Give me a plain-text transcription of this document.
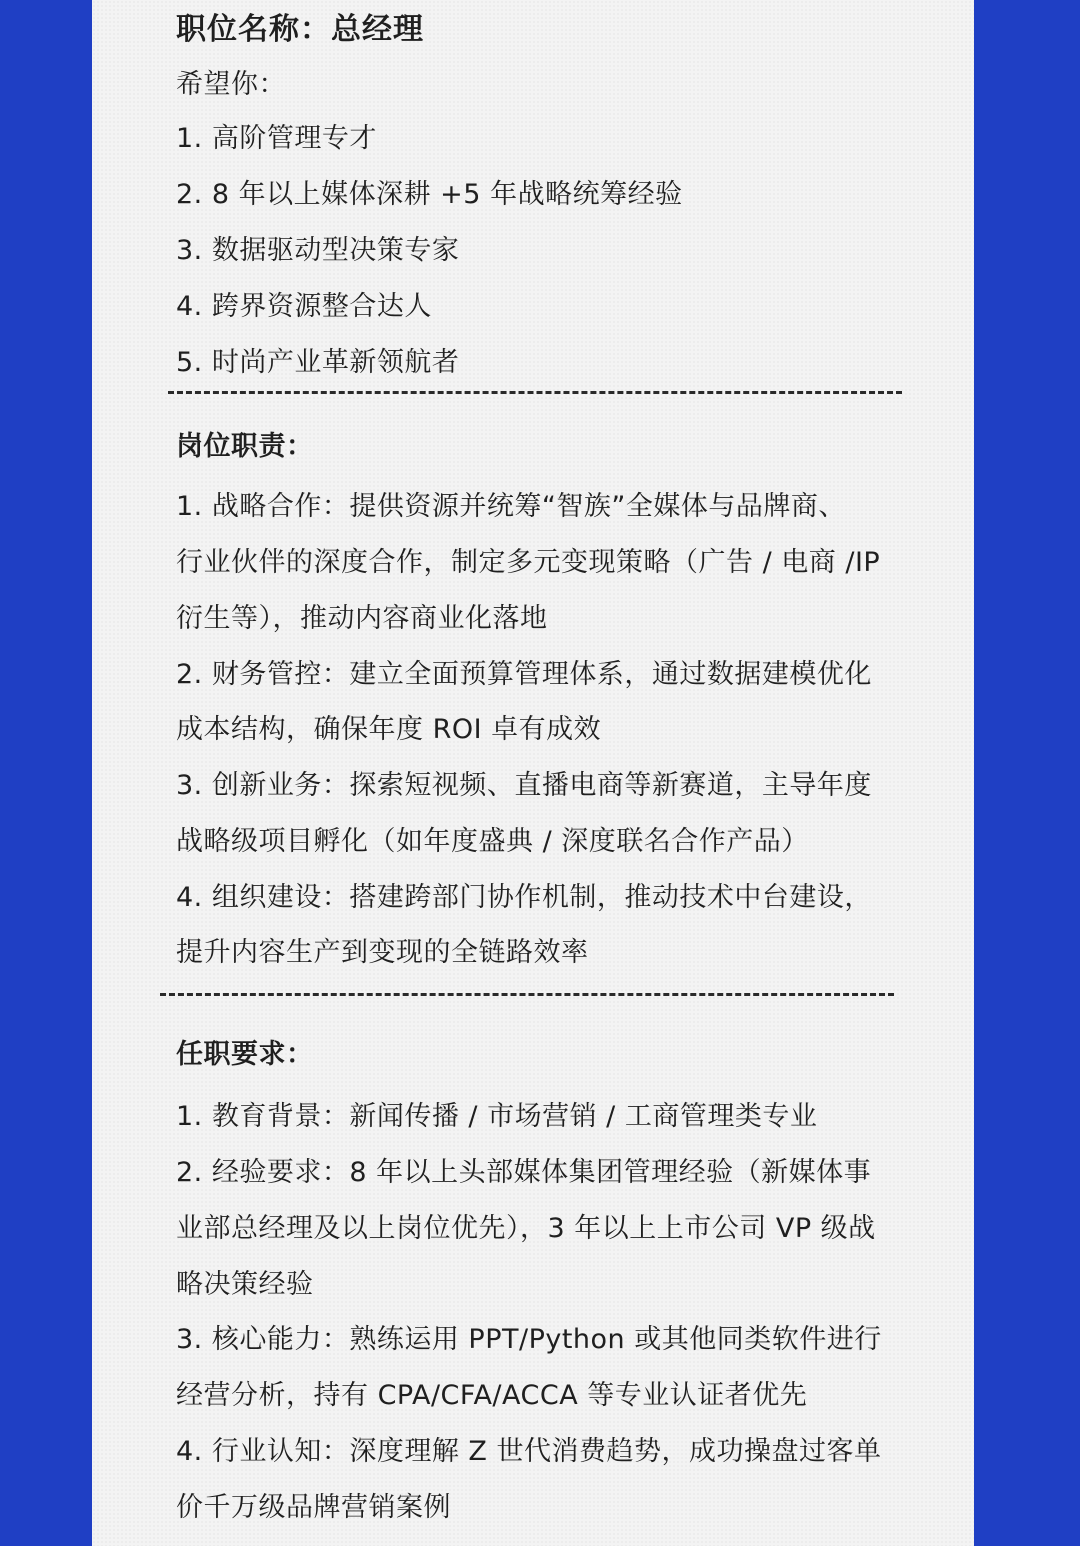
职位名称：总经理
希望你：
1. 高阶管理专才
2. 8 年以上媒体深耕 +5 年战略统筹经验
3. 数据驱动型决策专家
4. 跨界资源整合达人
5. 时尚产业革新领航者
岗位职责：
1. 战略合作：提供资源并统筹“智族”全媒体与品牌商、
行业伙伴的深度合作，制定多元变现策略（广告 / 电商 /IP
衍生等），推动内容商业化落地
2. 财务管控：建立全面预算管理体系，通过数据建模优化
成本结构，确保年度 ROI 卓有成效
3. 创新业务：探索短视频、直播电商等新赛道，主导年度
战略级项目孵化（如年度盛典 / 深度联名合作产品）
4. 组织建设：搭建跨部门协作机制，推动技术中台建设，
提升内容生产到变现的全链路效率
任职要求：
1. 教育背景：新闻传播 / 市场营销 / 工商管理类专业
2. 经验要求：8 年以上头部媒体集团管理经验（新媒体事
业部总经理及以上岗位优先），3 年以上上市公司 VP 级战
略决策经验
3. 核心能力：熟练运用 PPT/Python 或其他同类软件进行
经营分析，持有 CPA/CFA/ACCA 等专业认证者优先
4. 行业认知：深度理解 Z 世代消费趋势，成功操盘过客单
价千万级品牌营销案例
